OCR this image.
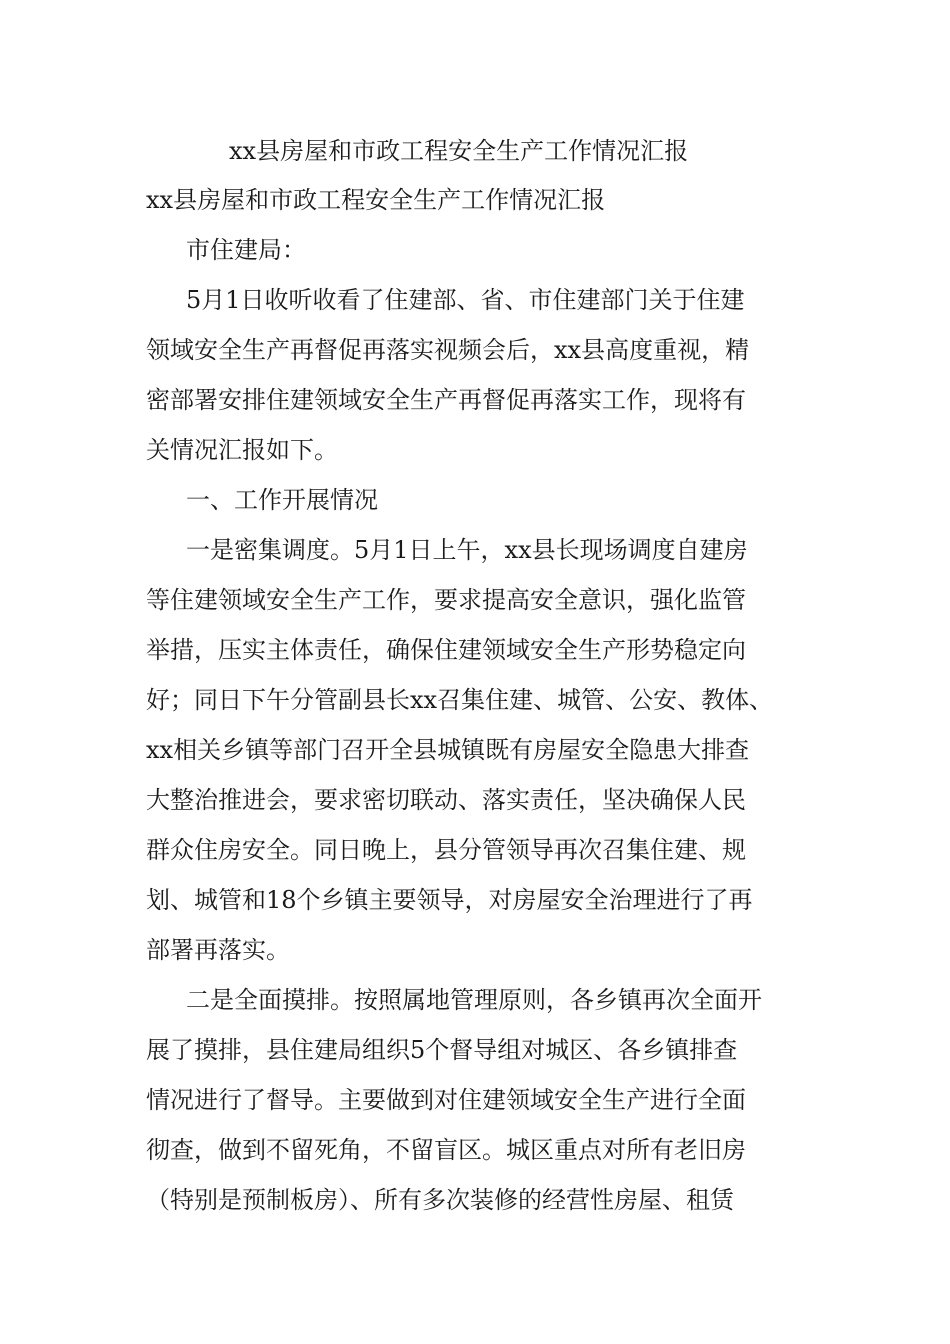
xx县房屋和市政工程安全生产工作情况汇报
xx县房屋和市政工程安全生产工作情况汇报
市住建局：
5月1日收听收看了住建部、省、市住建部门关于住建
领域安全生产再督促再落实视频会后，xx县高度重视，精
密部署安排住建领域安全生产再督促再落实工作，现将有
关情况汇报如下。
一、工作开展情况
一是密集调度。5月1日上午，xx县长现场调度自建房
等住建领域安全生产工作，要求提高安全意识，强化监管
举措，压实主体责任，确保住建领域安全生产形势稳定向
好；同日下午分管副县长xx召集住建、城管、公安、教体、
xx相关乡镇等部门召开全县城镇既有房屋安全隐患大排查
大整治推进会，要求密切联动、落实责任，坚决确保人民
群众住房安全。同日晚上，县分管领导再次召集住建、规
划、城管和18个乡镇主要领导，对房屋安全治理进行了再
部署再落实。
二是全面摸排。按照属地管理原则，各乡镇再次全面开
展了摸排，县住建局组织5个督导组对城区、各乡镇排查
情况进行了督导。主要做到对住建领域安全生产进行全面
彻查，做到不留死角，不留盲区。城区重点对所有老旧房
（特别是预制板房）、所有多次装修的经营性房屋、租赁
